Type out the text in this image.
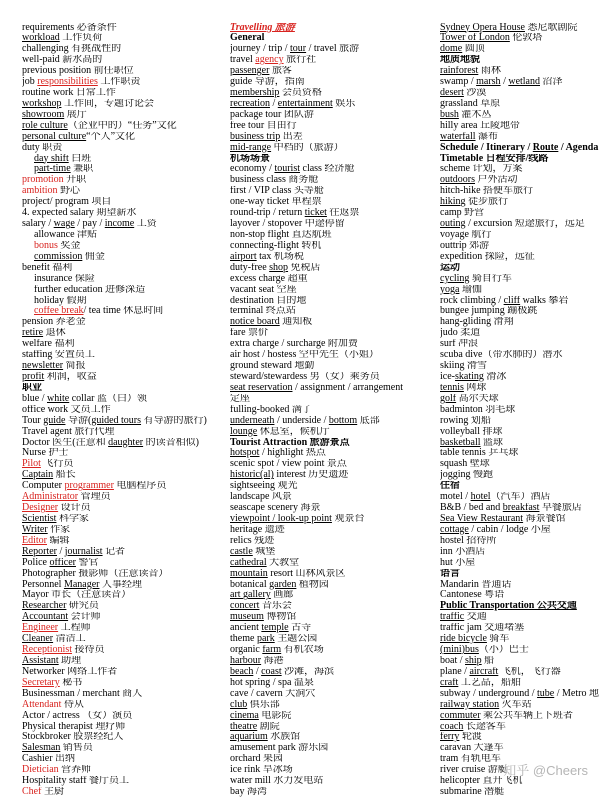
Sydney Opera House 悉尼歌剧院
Tower of London 伦敦塔
dome 圆顶
地质地貌
rainforest 雨林
swamp / marsh / wetland 沼泽
desert 沙漠
grassland 草原
bush 灌木丛
hilly area 丘陵地带
waterfall 瀑布
Schedule / Itinerary / Route / Agenda
Timetable 日程安排/线路
scheme 计划，方案
outdoors 户外活动
hitch-hike 搭便车旅行
hiking 徒步旅行
camp 野营
outing / excursion 短途旅行，远足
voyage 航行
outtrip 郊游
expedition 探险，远征
运动
cycling 骑自行车
yoga 瑜伽
rock climbing / cliff walks 攀岩
bungee jumping 蹦极跳
hang-gliding 滑翔
judo 柔道
surf 冲浪
scuba dive（带水肺的）潜水
skiing 滑雪
ice-skating 滑冰
tennis 网球
golf 高尔夫球
badminton 羽毛球
rowing 划船
volleyball 排球
basketball 篮球
table tennis 乒乓球
squash 壁球
jogging 慢跑
住宿
motel / hotel（汽车）酒店
B&B / bed and breakfast 早餐旅店
Sea View Restaurant 海景餐馆
cottage / cabin / lodge 小屋
hostel 招待所
inn 小酒店
hut 小屋
语言
Mandarin 普通话
Cantonese 粤语
Public Transportation 公共交通
traffic 交通
traffic jam 交通堵塞
ride bicycle 骑车
(mini)bus（小）巴士
boat / ship 船
plane / aircraft 飞机，飞行器
craft 工艺品，船舶
subway / underground / tube / Metro 地
railway station 火车站
commuter 乘公共车辆上下班者
coach 长途客车
ferry 轮渡
caravan 大篷车
tram 有轨电车
river cruise 游艇
helicopter 直升飞机
submarine 潜艇
Travelling 旅游
General
journey / trip / tour / travel 旅游
travel agency 旅行社
passenger 旅客
guide 导游，指南
membership 会员资格
recreation / entertainment 娱乐
package tour 团队游
free tour 自由行
business trip 出差
mid-range 中档的（旅游）
机场场景
economy / tourist class 经济舱
business class 商务舱
first / VIP class 头等舱
one-way ticket 单程票
round-trip / return ticket 往返票
layover / stopover 中途停留
non-stop flight 直达航班
connecting-flight 转机
airport tax 机场税
duty-free shop 免税店
excess charge 超重
vacant seat 空座
destination 目的地
terminal 终点站
notice board 通知板
fare 票价
extra charge / surcharge 附加费
air host / hostess 空中先生（小姐）
ground steward 地勤
steward/stewardess 男（女）乘务员
seat reservation / assignment / arrangement
定座
fulling-booked 满了
underneath / underside / bottom 底部
lounge 休息室，候机厅
Tourist Attraction 旅游景点
hotspot / highlight 热点
scenic spot / view point 景点
historic(al) interest 历史遗迹
sightseeing 观光
landscape 风景
seascape scenery 海景
viewpoint / look-up point 观景台
heritage 遗迹
relics 残迹
castle 城堡
cathedral 大教堂
mountain resort 山林风景区
botanical garden 植物园
art gallery 画廊
concert 音乐会
museum 博物馆
ancient temple 古寺
theme park 主题公园
organic farm 有机农场
harbour 海港
beach / coast 沙滩，海滨
hot spring / spa 温泉
cave / cavern 大洞穴
club 俱乐部
cinema 电影院
theatre 剧院
aquarium 水族馆
amusement park 游乐园
orchard 果园
ice rink 旱冰场
water mill 水力发电站
bay 海湾
requirements 必备条件
workload 工作负荷
challenging 有挑战性的
well-paid 薪水高的
previous position 前任职位
job responsibilities 工作职责
routine work 日常工作
workshop 工作间，专题讨论会
showroom 展厅
role culture（企业中的）“任务”文化
personal culture“个人”文化
duty 职责
day shift 白班
part-time 兼职
promotion 升职
ambition 野心
project/ program 项目
4. expected salary 期望薪水
salary / wage / pay / income 工资
allowance 津贴
bonus 奖金
commission 佣金
benefit 福利
insurance 保险
further education 进修深造
holiday 假期
coffee break/ tea time 休息时间
pension 养老金
retire 退休
welfare 福利
staffing 安置员工
newsletter 简报
profit 利润，收益
职业
blue / white collar 蓝（白）领
office work 文员工作
Tour guide 导游(guided tours 有导游的旅行)
Travel agent 旅行代理
Doctor 医生(注意和 daughter 的读音相似)
Nurse 护士
Pilot 飞行员
Captain 船长
Computer programmer 电脑程序员
Administrator 管理员
Designer 设计员
Scientist 科学家
Writer 作家
Editor 编辑
Reporter / journalist 记者
Police officer 警官
Photographer 摄影师（注意读音）
Personnel Manager 人事经理
Mayor 市长（注意读音）
Researcher 研究员
Accountant 会计师
Engineer 工程师
Cleaner 清洁工
Receptionist 接待员
Assistant 助理
Networker 网络工作者
Secretary 秘书
Businessman / merchant 商人
Attendant 侍从
Actor / actress （女）演员
Physical therapist 理疗师
Stockbroker 股票经纪人
Salesman 销售员
Cashier 出纳
Dietician 营养师
Hospitality staff 餐厅员工
Chef 主厨
知乎 @Cheers
